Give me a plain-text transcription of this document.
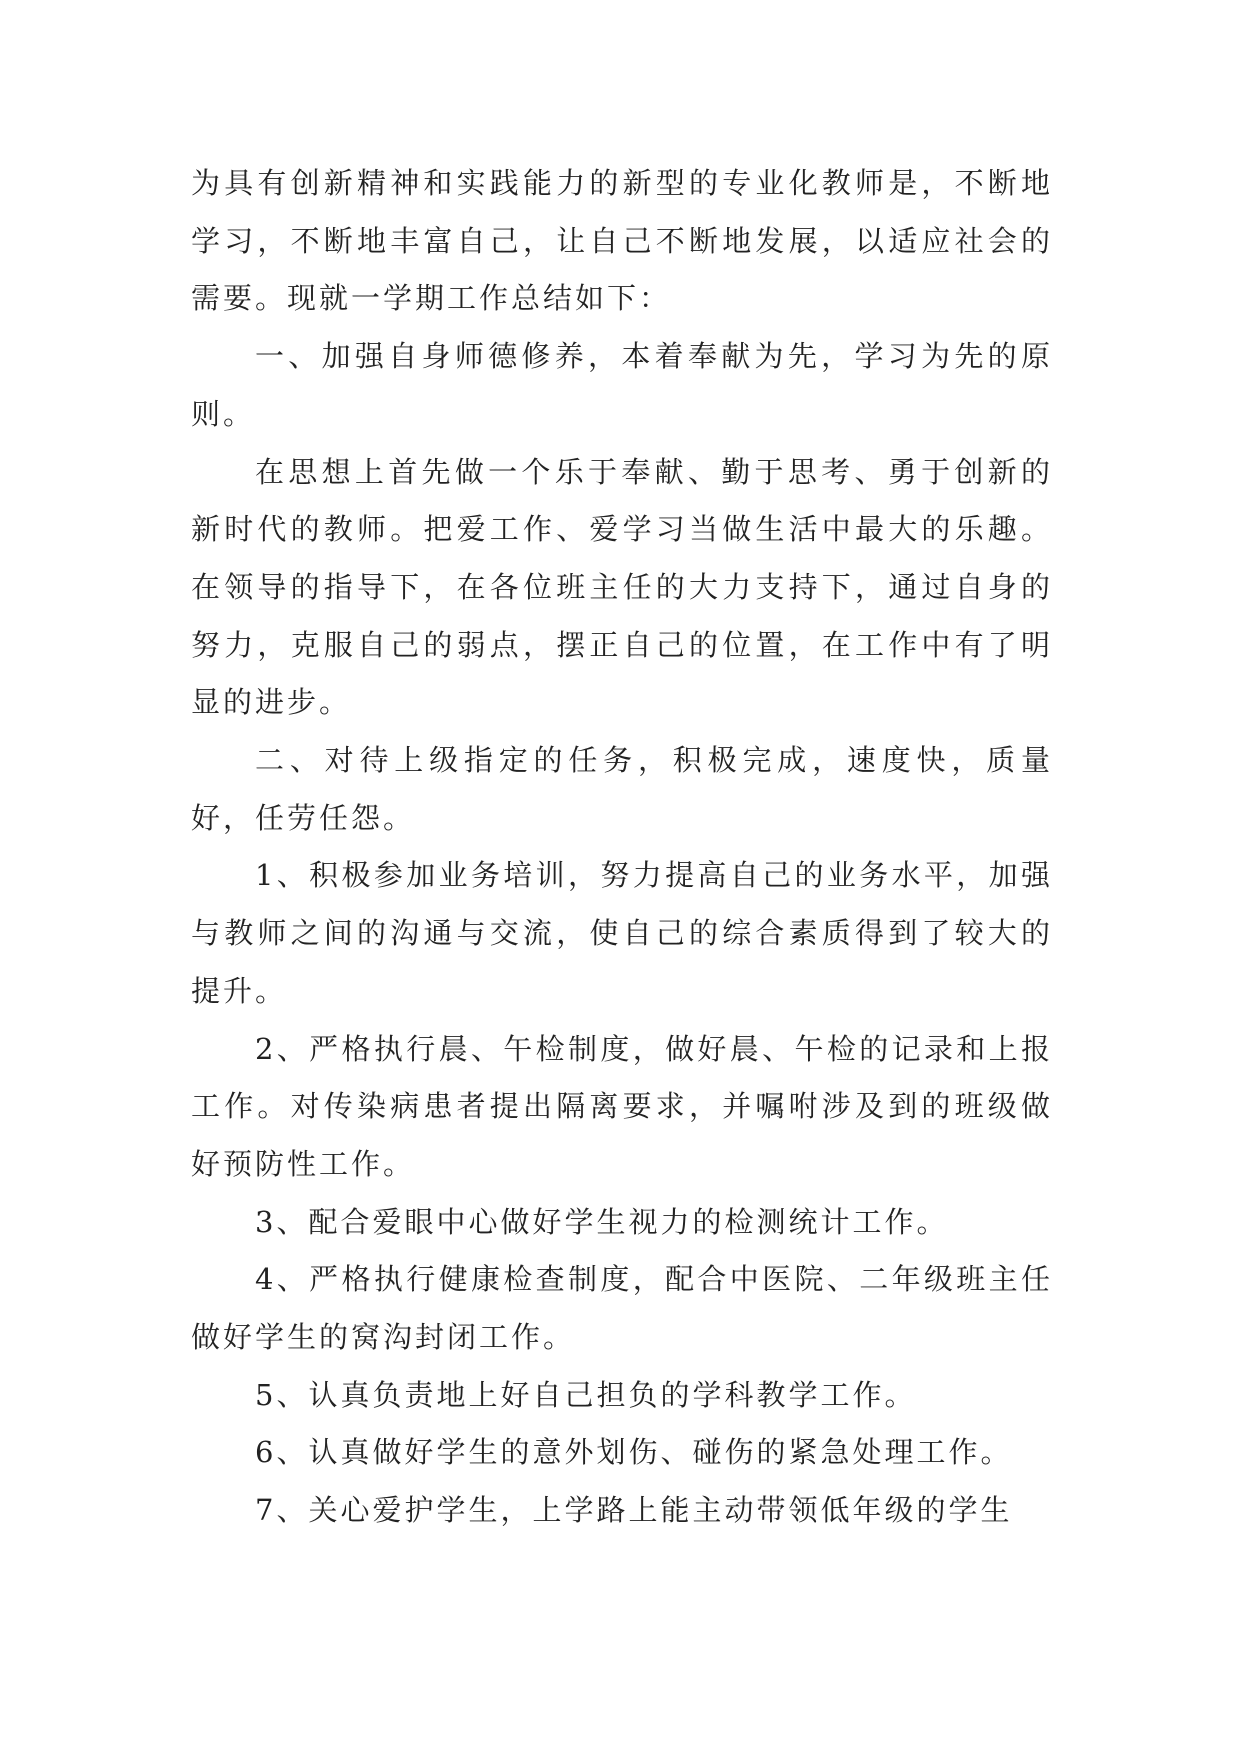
为具有创新精神和实践能力的新型的专业化教师是，不断地学习，不断地丰富自己，让自己不断地发展，以适应社会的需要。现就一学期工作总结如下：

一、加强自身师德修养，本着奉献为先，学习为先的原则。

在思想上首先做一个乐于奉献、勤于思考、勇于创新的新时代的教师。把爱工作、爱学习当做生活中最大的乐趣。在领导的指导下，在各位班主任的大力支持下，通过自身的努力，克服自己的弱点，摆正自己的位置，在工作中有了明显的进步。

二、对待上级指定的任务，积极完成，速度快，质量好，任劳任怨。

1、积极参加业务培训，努力提高自己的业务水平，加强与教师之间的沟通与交流，使自己的综合素质得到了较大的提升。

2、严格执行晨、午检制度，做好晨、午检的记录和上报工作。对传染病患者提出隔离要求，并嘱咐涉及到的班级做好预防性工作。

3、配合爱眼中心做好学生视力的检测统计工作。

4、严格执行健康检查制度，配合中医院、二年级班主任做好学生的窝沟封闭工作。

5、认真负责地上好自己担负的学科教学工作。

6、认真做好学生的意外划伤、碰伤的紧急处理工作。

7、关心爱护学生，上学路上能主动带领低年级的学生
